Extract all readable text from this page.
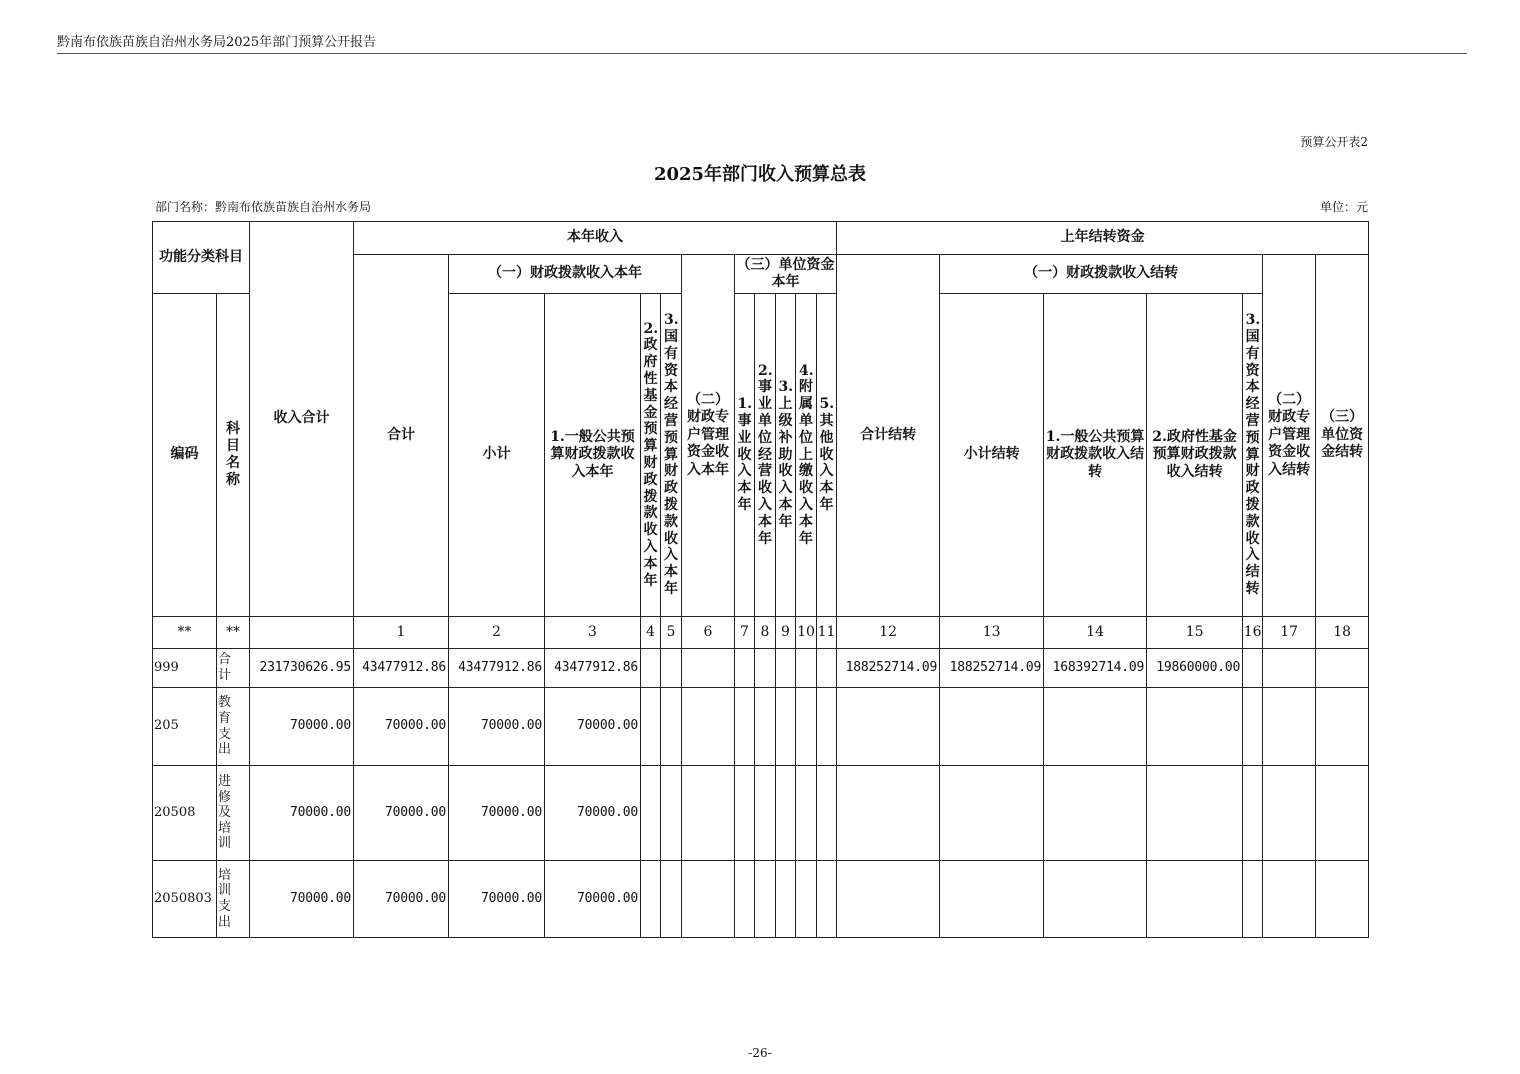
黔南布依族苗族自治州水务局2025年部门预算公开报告
预算公开表2
2025年部门收入预算总表
部门名称：黔南布依族苗族自治州水务局	单位：元
功能分类科目		收入合计	本年收入											上年结转资金						
			合计	（一）财政拨款收入本年				（二）财政专户管理资金收入本年	（三）单位资金本年					合计结转	（一）财政拨款收入结转				（二）财政专户管理资金收入结转	（三）单位资金结转
编码	科目名称			小计	1.一般公共预算财政拨款收入本年	2.政府性基金预算财政拨款收入本年	3.国有资本经营预算财政拨款收入本年		1.事业收入本年	2.事业单位经营收入本年	3.上级补助收入本年	4.附属单位上缴收入本年	5.其他收入本年		小计结转	1.一般公共预算财政拨款收入结转	2.政府性基金预算财政拨款收入结转	3.国有资本经营预算财政拨款收入结转		

**	**		1	2	3	4	5	6	7	8	9	10	11	12	13	14	15	16	17	18
999	合计	231730626.95	43477912.86	43477912.86	43477912.86									188252714.09	188252714.09	168392714.09	19860000.00			
205	教育支出	70000.00	70000.00	70000.00	70000.00															
20508	进修及培训	70000.00	70000.00	70000.00	70000.00															
2050803	培训支出	70000.00	70000.00	70000.00	70000.00															
-26-
